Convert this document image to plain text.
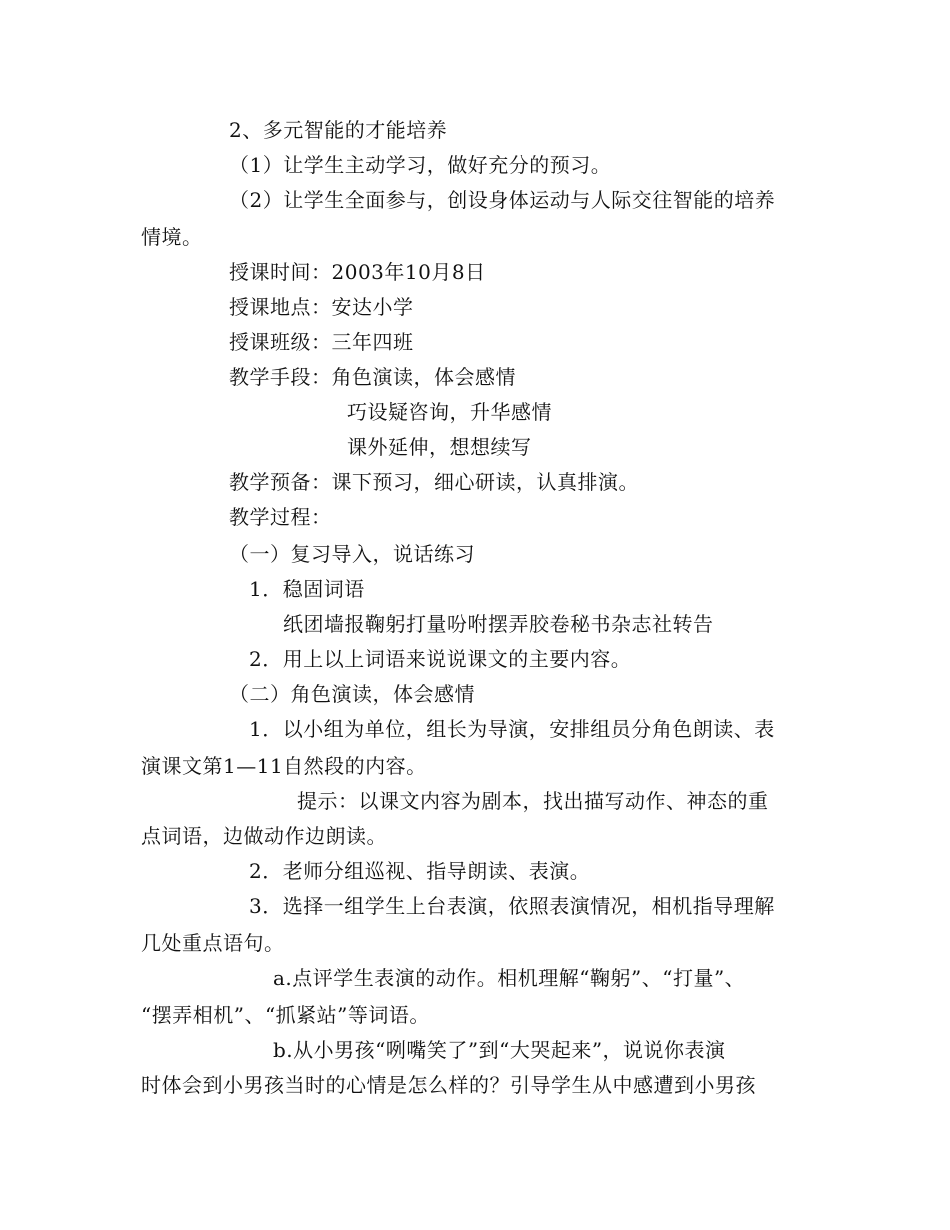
2、多元智能的才能培养
（1）让学生主动学习，做好充分的预习。
（2）让学生全面参与，创设身体运动与人际交往智能的培养
情境。
授课时间：2003年10月8日
授课地点：安达小学
授课班级：三年四班
教学手段：角色演读，体会感情
巧设疑咨询，升华感情
课外延伸，想想续写
教学预备：课下预习，细心研读，认真排演。
教学过程：
（一）复习导入，说话练习
1．稳固词语
纸团墙报鞠躬打量吩咐摆弄胶卷秘书杂志社转告
2．用上以上词语来说说课文的主要内容。
（二）角色演读，体会感情
1．以小组为单位，组长为导演，安排组员分角色朗读、表
演课文第1—11自然段的内容。
提示：以课文内容为剧本，找出描写动作、神态的重
点词语，边做动作边朗读。
2．老师分组巡视、指导朗读、表演。
3．选择一组学生上台表演，依照表演情况，相机指导理解
几处重点语句。
a.点评学生表演的动作。相机理解“鞠躬”、“打量”、
“摆弄相机”、“抓紧站”等词语。
b.从小男孩“咧嘴笑了”到“大哭起来”，说说你表演
时体会到小男孩当时的心情是怎么样的？引导学生从中感遭到小男孩
